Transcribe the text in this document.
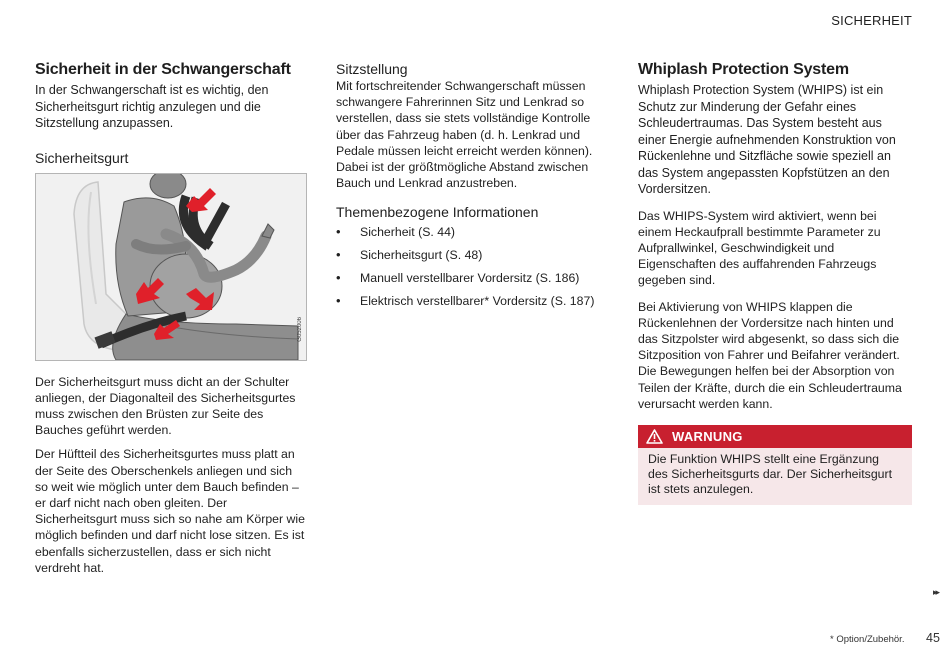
SICHERHEIT
Sicherheit in der Schwangerschaft

In der Schwangerschaft ist es wichtig, den Sicherheitsgurt richtig anzulegen und die Sitzstellung anzupassen.

Sicherheitsgurt
G052006

Der Sicherheitsgurt muss dicht an der Schulter anliegen, der Diagonalteil des Sicherheitsgurtes muss zwischen den Brüsten zur Seite des Bauches geführt werden.

Der Hüftteil des Sicherheitsgurtes muss platt an der Seite des Oberschenkels anliegen und sich so weit wie möglich unter dem Bauch befinden – er darf nicht nach oben gleiten. Der Sicherheitsgurt muss sich so nahe am Körper wie möglich befinden und darf nicht lose sitzen. Es ist ebenfalls sicherzustellen, dass er sich nicht verdreht hat.

Sitzstellung

Mit fortschreitender Schwangerschaft müssen schwangere Fahrerinnen Sitz und Lenkrad so verstellen, dass sie stets vollständige Kontrolle über das Fahrzeug haben (d. h. Lenkrad und Pedale müssen leicht erreicht werden können). Dabei ist der größtmögliche Abstand zwischen Bauch und Lenkrad anzustreben.

Themenbezogene Informationen
• Sicherheit (S. 44)
• Sicherheitsgurt (S. 48)
• Manuell verstellbarer Vordersitz (S. 186)
• Elektrisch verstellbarer* Vordersitz (S. 187)
Whiplash Protection System

Whiplash Protection System (WHIPS) ist ein Schutz zur Minderung der Gefahr eines Schleudertraumas. Das System besteht aus einer Energie aufnehmenden Konstruktion von Rückenlehne und Sitzfläche sowie speziell an das System angepassten Kopfstützen an den Vordersitzen.

Das WHIPS-System wird aktiviert, wenn bei einem Heckaufprall bestimmte Parameter zu Aufprallwinkel, Geschwindigkeit und Eigenschaften des auffahrenden Fahrzeugs gegeben sind.

Bei Aktivierung von WHIPS klappen die Rückenlehnen der Vordersitze nach hinten und das Sitzpolster wird abgesenkt, so dass sich die Sitzposition von Fahrer und Beifahrer verändert. Die Bewegungen helfen bei der Absorption von Teilen der Kräfte, durch die ein Schleudertrauma verursacht werden kann.

WARNUNG
Die Funktion WHIPS stellt eine Ergänzung des Sicherheitsgurts dar. Der Sicherheitsgurt ist stets anzulegen.
▸▸
* Option/Zubehör. 45
